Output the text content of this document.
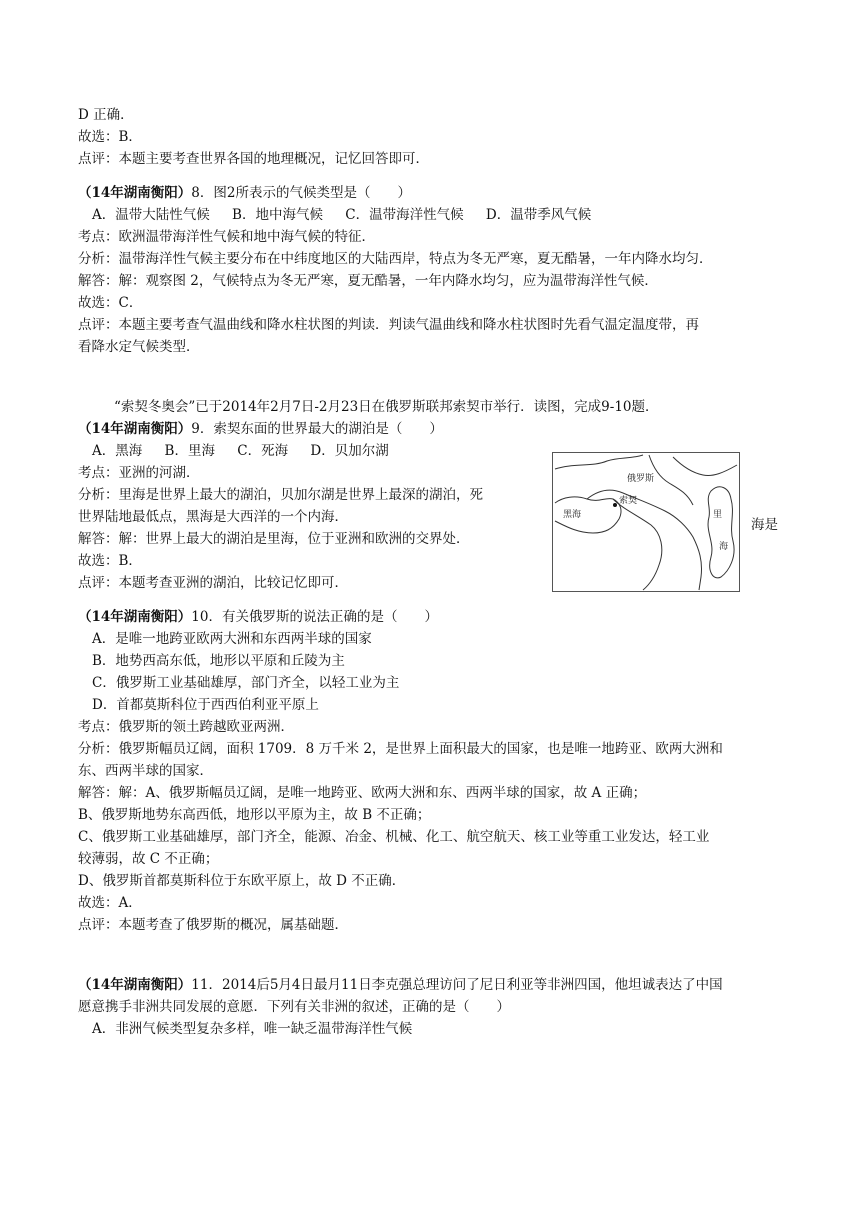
D 正确．
故选：B．
点评：本题主要考查世界各国的地理概况，记忆回答即可．
（14年湖南衡阳）8．图2所表示的气候类型是（　　）
A．温带大陆性气候 B．地中海气候 C．温带海洋性气候 D．温带季风气候
考点：欧洲温带海洋性气候和地中海气候的特征．
分析：温带海洋性气候主要分布在中纬度地区的大陆西岸，特点为冬无严寒，夏无酷暑，一年内降水均匀．
解答：解：观察图 2，气候特点为冬无严寒，夏无酷暑，一年内降水均匀，应为温带海洋性气候．
故选：C．
点评：本题主要考查气温曲线和降水柱状图的判读．判读气温曲线和降水柱状图时先看气温定温度带，再
看降水定气候类型．
“索契冬奥会”已于2014年2月7日-2月23日在俄罗斯联邦索契市举行．读图，完成9-10题．
（14年湖南衡阳）9．索契东面的世界最大的湖泊是（　　）
A．黑海 B．里海 C．死海 D．贝加尔湖
考点：亚洲的河湖．
分析：里海是世界上最大的湖泊，贝加尔湖是世界上最深的湖泊，死
世界陆地最低点，黑海是大西洋的一个内海．
解答：解：世界上最大的湖泊是里海，位于亚洲和欧洲的交界处．
故选：B．
点评：本题考查亚洲的湖泊，比较记忆即可．
（14年湖南衡阳）10．有关俄罗斯的说法正确的是（　　）
A．是唯一地跨亚欧两大洲和东西两半球的国家
B．地势西高东低，地形以平原和丘陵为主
C．俄罗斯工业基础雄厚，部门齐全，以轻工业为主
D．首都莫斯科位于西西伯利亚平原上
考点：俄罗斯的领土跨越欧亚两洲．
分析：俄罗斯幅员辽阔，面积 1709．8 万千米 2，是世界上面积最大的国家，也是唯一地跨亚、欧两大洲和
东、西两半球的国家．
解答：解：A、俄罗斯幅员辽阔，是唯一地跨亚、欧两大洲和东、西两半球的国家，故 A 正确；
B、俄罗斯地势东高西低，地形以平原为主，故 B 不正确；
C、俄罗斯工业基础雄厚，部门齐全，能源、冶金、机械、化工、航空航天、核工业等重工业发达，轻工业
较薄弱，故 C 不正确；
D、俄罗斯首都莫斯科位于东欧平原上，故 D 不正确．
故选：A．
点评：本题考查了俄罗斯的概况，属基础题．
（14年湖南衡阳）11．2014后5月4日最月11日李克强总理访问了尼日利亚等非洲四国，他坦诚表达了中国
愿意携手非洲共同发展的意愿．下列有关非洲的叙述，正确的是（　　）
A．非洲气候类型复杂多样，唯一缺乏温带海洋性气候
海是
俄罗斯
索契
黑海	里
海
